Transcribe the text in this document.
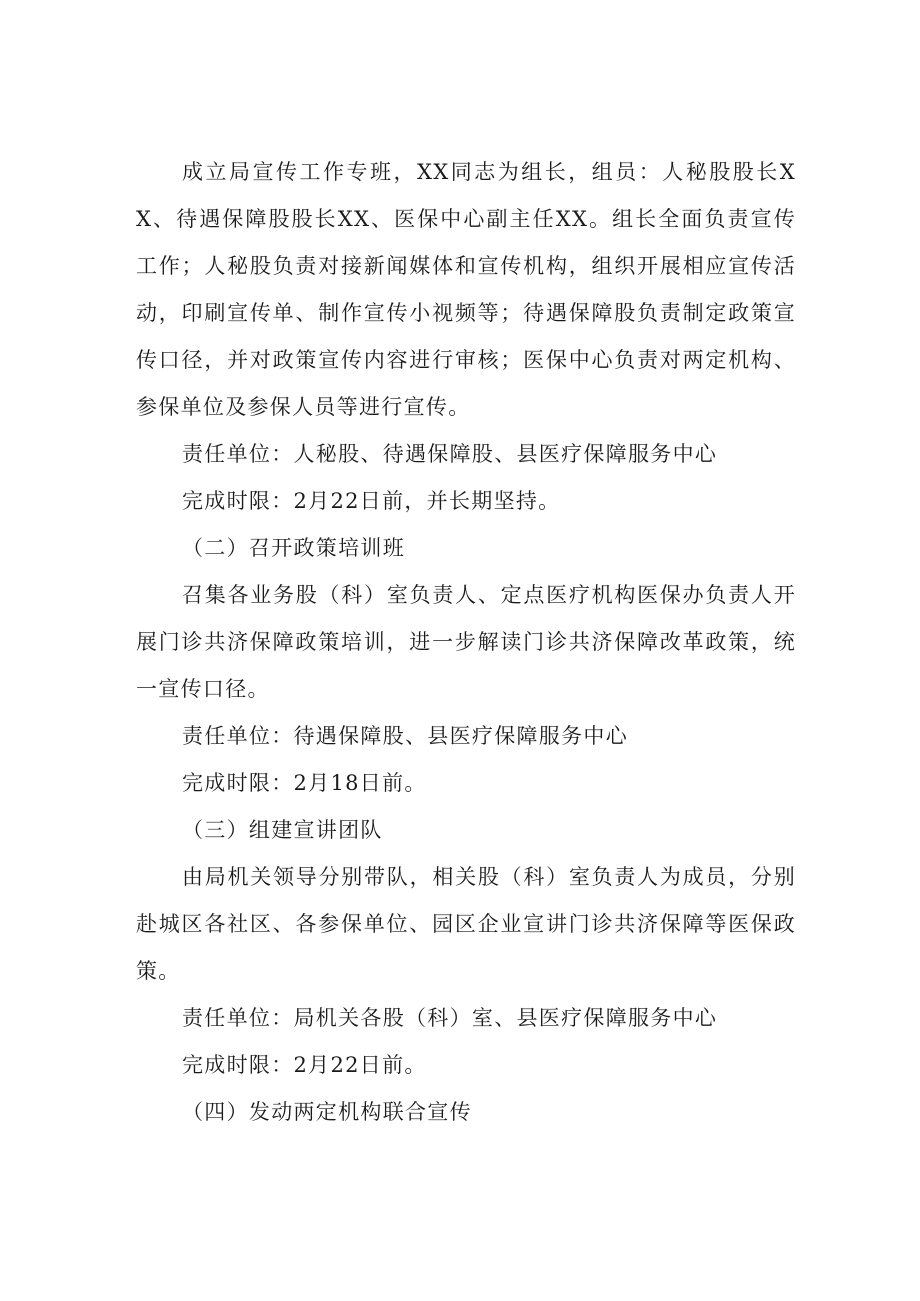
成立局宣传工作专班，XX同志为组长，组员：人秘股股长XX、待遇保障股股长XX、医保中心副主任XX。组长全面负责宣传工作；人秘股负责对接新闻媒体和宣传机构，组织开展相应宣传活动，印刷宣传单、制作宣传小视频等；待遇保障股负责制定政策宣传口径，并对政策宣传内容进行审核；医保中心负责对两定机构、参保单位及参保人员等进行宣传。

责任单位：人秘股、待遇保障股、县医疗保障服务中心

完成时限：2月22日前，并长期坚持。

（二）召开政策培训班

召集各业务股（科）室负责人、定点医疗机构医保办负责人开展门诊共济保障政策培训，进一步解读门诊共济保障改革政策，统一宣传口径。

责任单位：待遇保障股、县医疗保障服务中心

完成时限：2月18日前。

（三）组建宣讲团队

由局机关领导分别带队，相关股（科）室负责人为成员，分别赴城区各社区、各参保单位、园区企业宣讲门诊共济保障等医保政策。

责任单位：局机关各股（科）室、县医疗保障服务中心

完成时限：2月22日前。

（四）发动两定机构联合宣传
